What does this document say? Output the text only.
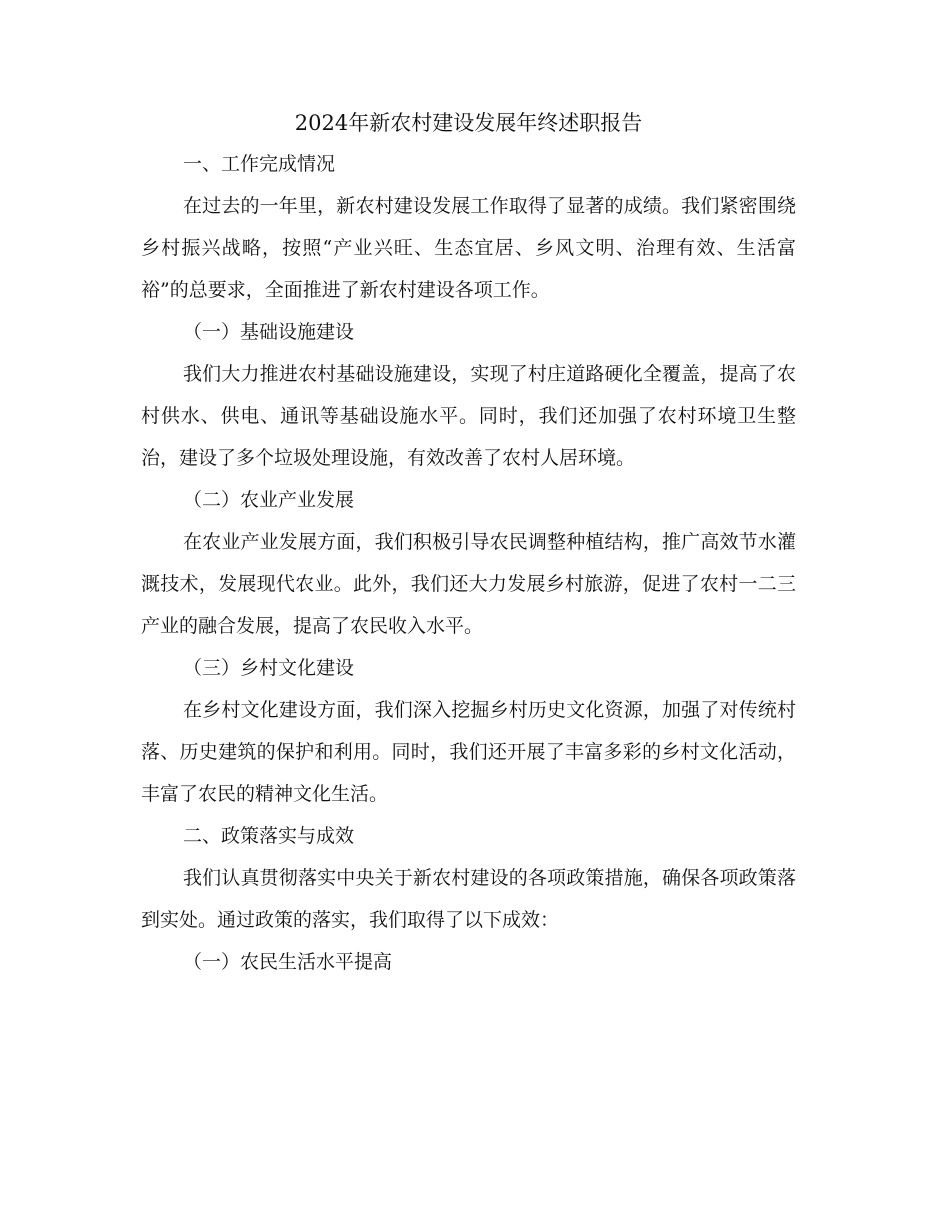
2024年新农村建设发展年终述职报告
一、工作完成情况

在过去的一年里，新农村建设发展工作取得了显著的成绩。我们紧密围绕乡村振兴战略，按照“产业兴旺、生态宜居、乡风文明、治理有效、生活富裕”的总要求，全面推进了新农村建设各项工作。

（一）基础设施建设

我们大力推进农村基础设施建设，实现了村庄道路硬化全覆盖，提高了农村供水、供电、通讯等基础设施水平。同时，我们还加强了农村环境卫生整治，建设了多个垃圾处理设施，有效改善了农村人居环境。

（二）农业产业发展

在农业产业发展方面，我们积极引导农民调整种植结构，推广高效节水灌溉技术，发展现代农业。此外，我们还大力发展乡村旅游，促进了农村一二三产业的融合发展，提高了农民收入水平。

（三）乡村文化建设

在乡村文化建设方面，我们深入挖掘乡村历史文化资源，加强了对传统村落、历史建筑的保护和利用。同时，我们还开展了丰富多彩的乡村文化活动，丰富了农民的精神文化生活。

二、政策落实与成效

我们认真贯彻落实中央关于新农村建设的各项政策措施，确保各项政策落到实处。通过政策的落实，我们取得了以下成效：

（一）农民生活水平提高
